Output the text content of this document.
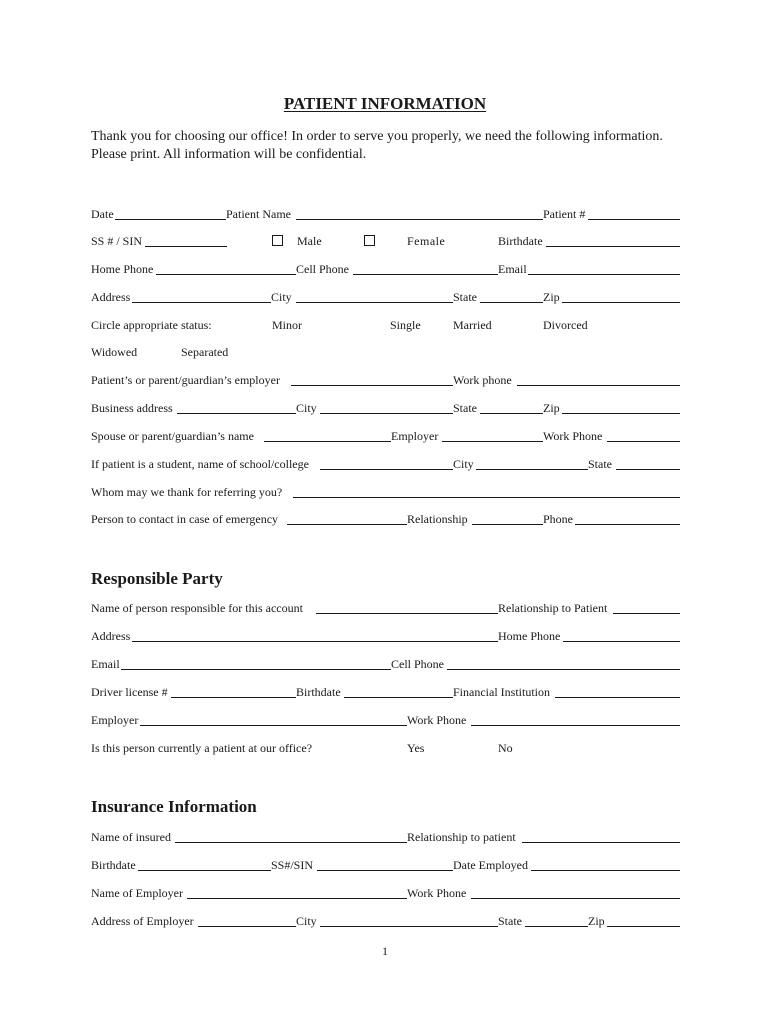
PATIENT INFORMATION
Thank you for choosing our office! In order to serve you properly, we need the following information. Please print. All information will be confidential.
Date	Patient Name	Patient #
SS # / SIN	Male	Female	Birthdate
Home Phone	Cell Phone	Email
Address	City	State	Zip
Circle appropriate status:	Minor	Single	Married	Divorced
Widowed	Separated
Patient’s or parent/guardian’s employer	Work phone
Business address	City	State	Zip
Spouse or parent/guardian’s name	Employer	Work Phone
If patient is a student, name of school/college	City	State
Whom may we thank for referring you?
Person to contact in case of emergency	Relationship	Phone
Responsible Party
Name of person responsible for this account	Relationship to Patient
Address	Home Phone
Email	Cell Phone
Driver license #	Birthdate	Financial Institution
Employer	Work Phone
Is this person currently a patient at our office?	Yes	No
Insurance Information
Name of insured	Relationship to patient
Birthdate	SS#/SIN	Date Employed
Name of Employer	Work Phone
Address of Employer	City	State	Zip
1
